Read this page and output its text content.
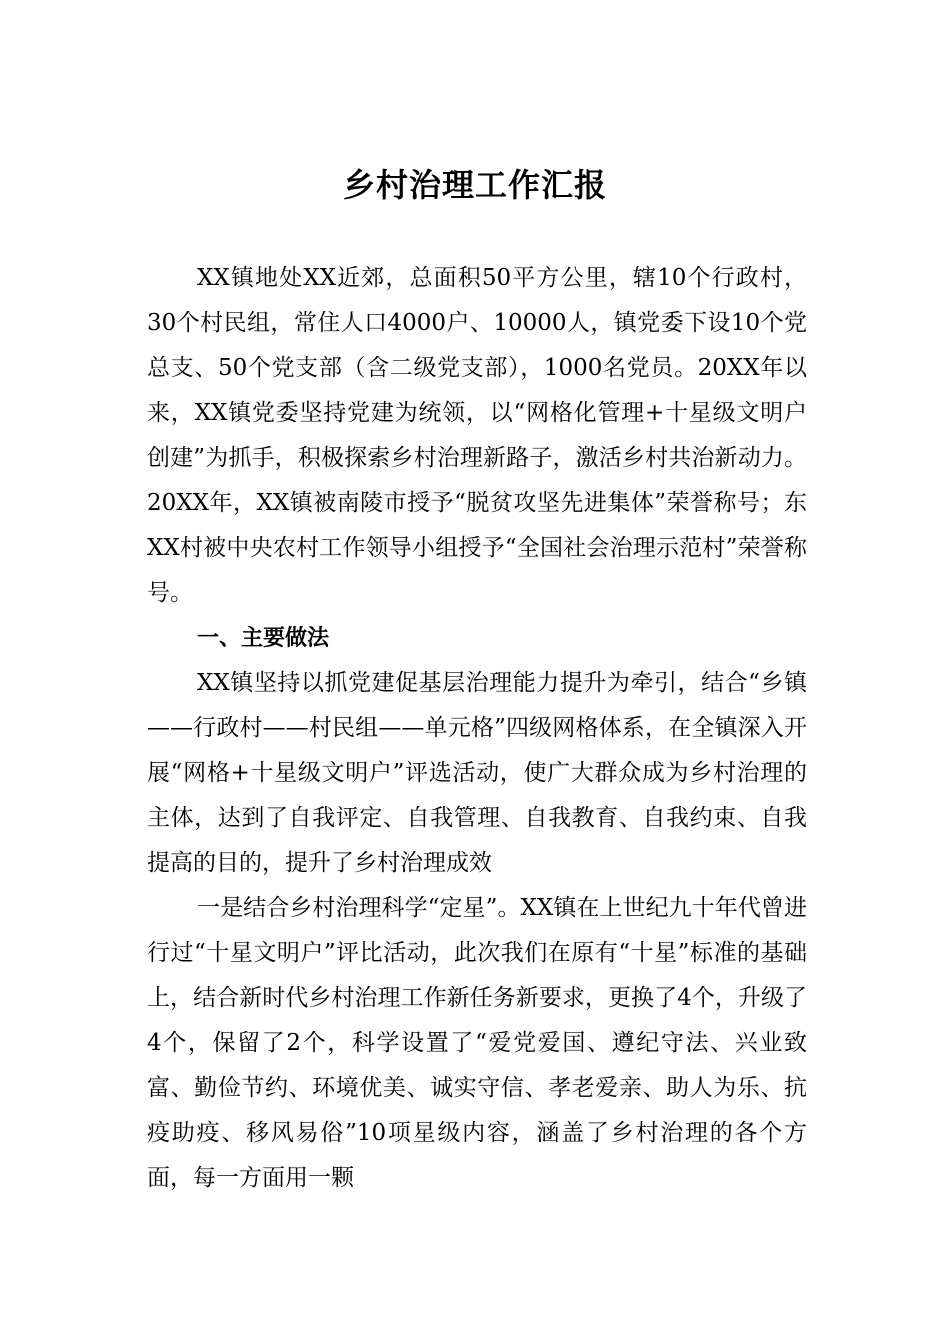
乡村治理工作汇报

XX镇地处XX近郊，总面积50平方公里，辖10个行政村，30个村民组，常住人口4000户、10000人，镇党委下设10个党总支、50个党支部（含二级党支部），1000名党员。20XX年以来，XX镇党委坚持党建为统领，以“网格化管理+十星级文明户创建”为抓手，积极探索乡村治理新路子，激活乡村共治新动力。20XX年，XX镇被南陵市授予“脱贫攻坚先进集体”荣誉称号；东XX村被中央农村工作领导小组授予“全国社会治理示范村”荣誉称号。

一、主要做法

XX镇坚持以抓党建促基层治理能力提升为牵引，结合“乡镇——行政村——村民组——单元格”四级网格体系，在全镇深入开展“网格+十星级文明户”评选活动，使广大群众成为乡村治理的主体，达到了自我评定、自我管理、自我教育、自我约束、自我提高的目的，提升了乡村治理成效

一是结合乡村治理科学“定星”。XX镇在上世纪九十年代曾进行过“十星文明户”评比活动，此次我们在原有“十星”标准的基础上，结合新时代乡村治理工作新任务新要求，更换了4个，升级了4个，保留了2个，科学设置了“爱党爱国、遵纪守法、兴业致富、勤俭节约、环境优美、诚实守信、孝老爱亲、助人为乐、抗疫助疫、移风易俗”10项星级内容，涵盖了乡村治理的各个方面，每一方面用一颗
